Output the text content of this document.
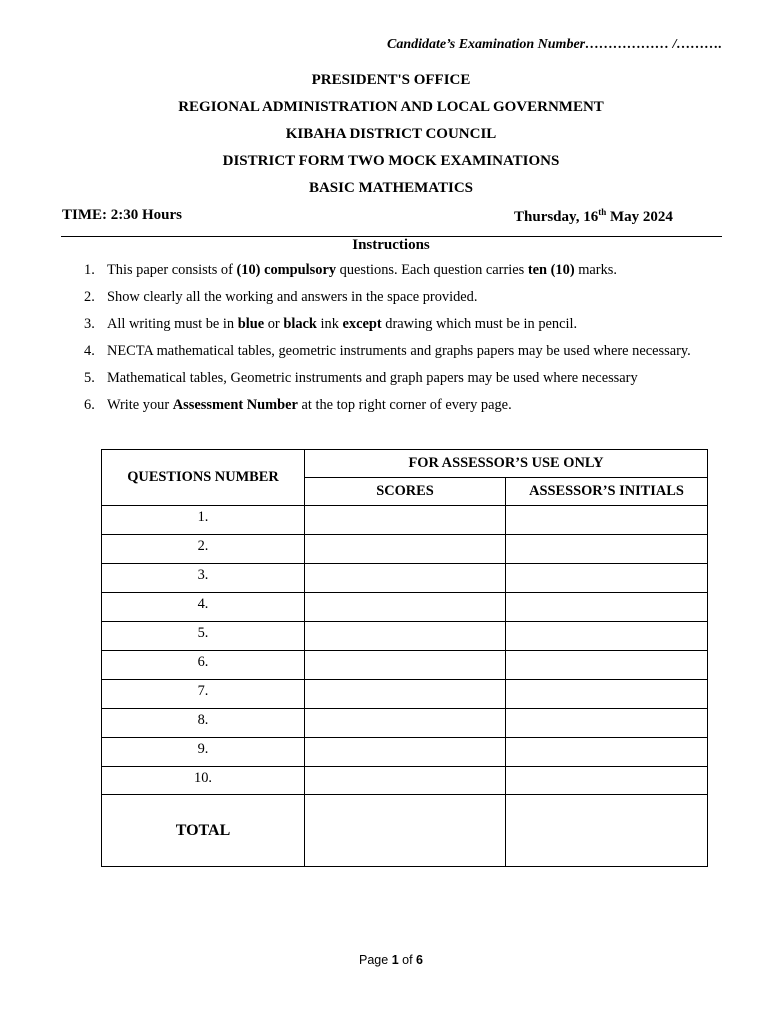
Candidate’s Examination Number……………… /……….
PRESIDENT'S OFFICE
REGIONAL ADMINISTRATION AND LOCAL GOVERNMENT
KIBAHA DISTRICT COUNCIL
DISTRICT FORM TWO MOCK EXAMINATIONS
BASIC MATHEMATICS
TIME: 2:30 Hours	Thursday, 16th May 2024
Instructions
1. This paper consists of (10) compulsory questions. Each question carries ten (10) marks.
2. Show clearly all the working and answers in the space provided.
3. All writing must be in blue or black ink except drawing which must be in pencil.
4. NECTA mathematical tables, geometric instruments and graphs papers may be used where necessary.
5. Mathematical tables, Geometric instruments and graph papers may be used where necessary
6. Write your Assessment Number at the top right corner of every page.
QUESTIONS NUMBER	FOR ASSESSOR’S USE ONLY	
	SCORES	ASSESSOR’S INITIALS
1.		
2.		
3.		
4.		
5.		
6.		
7.		
8.		
9.		
10.		
TOTAL		
Page 1 of 6
